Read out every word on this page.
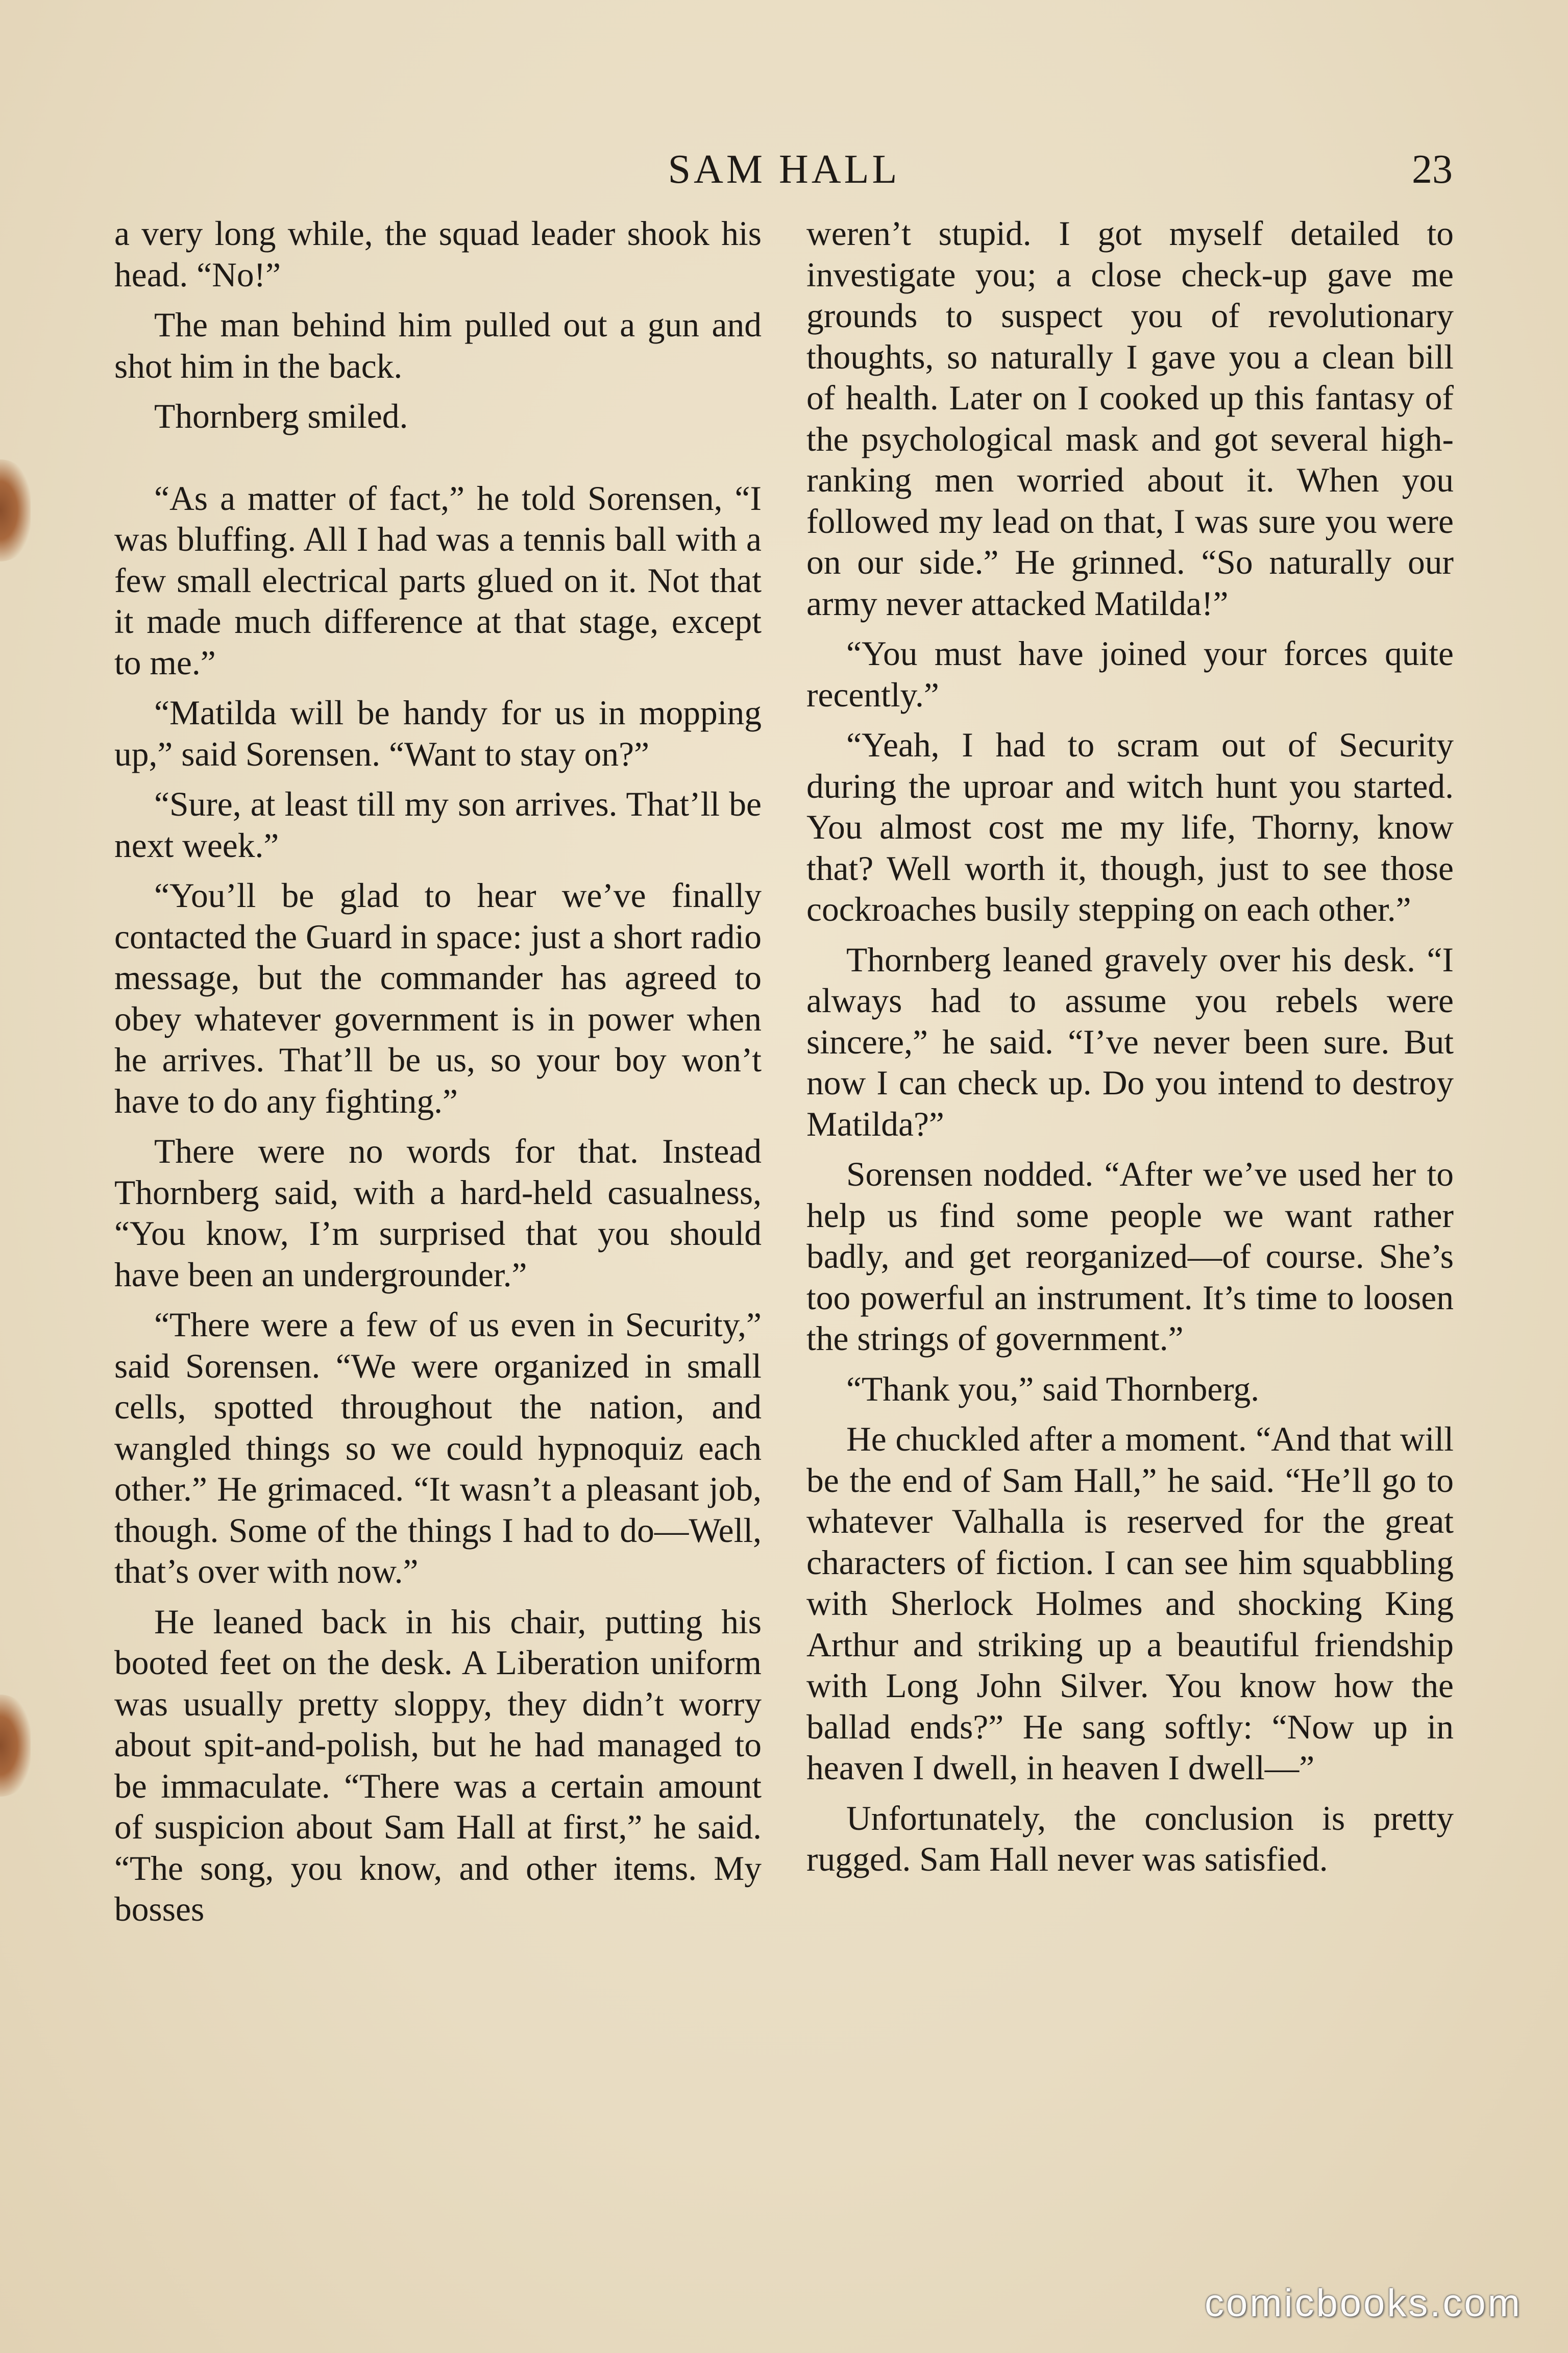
SAM HALL	23

a very long while, the squad leader shook his head. “No!”

The man behind him pulled out a gun and shot him in the back.

Thornberg smiled.

“As a matter of fact,” he told Sorensen, “I was bluffing. All I had was a tennis ball with a few small electrical parts glued on it. Not that it made much difference at that stage, except to me.”

“Matilda will be handy for us in mopping up,” said Sorensen. “Want to stay on?”

“Sure, at least till my son arrives. That’ll be next week.”

“You’ll be glad to hear we’ve finally contacted the Guard in space: just a short radio message, but the commander has agreed to obey whatever government is in power when he arrives. That’ll be us, so your boy won’t have to do any fighting.”

There were no words for that. Instead Thornberg said, with a hard-held casualness, “You know, I’m surprised that you should have been an undergrounder.”

“There were a few of us even in Security,” said Sorensen. “We were organized in small cells, spotted throughout the nation, and wangled things so we could hypnoquiz each other.” He grimaced. “It wasn’t a pleasant job, though. Some of the things I had to do—Well, that’s over with now.”

He leaned back in his chair, putting his booted feet on the desk. A Liberation uniform was usually pretty sloppy, they didn’t worry about spit-and-polish, but he had managed to be immaculate. “There was a certain amount of suspicion about Sam Hall at first,” he said. “The song, you know, and other items. My bosses

weren’t stupid. I got myself detailed to investigate you; a close check-up gave me grounds to suspect you of revolutionary thoughts, so naturally I gave you a clean bill of health. Later on I cooked up this fantasy of the psychological mask and got several high-ranking men worried about it. When you followed my lead on that, I was sure you were on our side.” He grinned. “So naturally our army never attacked Matilda!”

“You must have joined your forces quite recently.”

“Yeah, I had to scram out of Security during the uproar and witch hunt you started. You almost cost me my life, Thorny, know that? Well worth it, though, just to see those cockroaches busily stepping on each other.”

Thornberg leaned gravely over his desk. “I always had to assume you rebels were sincere,” he said. “I’ve never been sure. But now I can check up. Do you intend to destroy Matilda?”

Sorensen nodded. “After we’ve used her to help us find some people we want rather badly, and get reorganized—of course. She’s too powerful an instrument. It’s time to loosen the strings of government.”

“Thank you,” said Thornberg.

He chuckled after a moment. “And that will be the end of Sam Hall,” he said. “He’ll go to whatever Valhalla is reserved for the great characters of fiction. I can see him squabbling with Sherlock Holmes and shocking King Arthur and striking up a beautiful friendship with Long John Silver. You know how the ballad ends?” He sang softly: “Now up in heaven I dwell, in heaven I dwell—”

Unfortunately, the conclusion is pretty rugged. Sam Hall never was satisfied.

comicbooks.com
